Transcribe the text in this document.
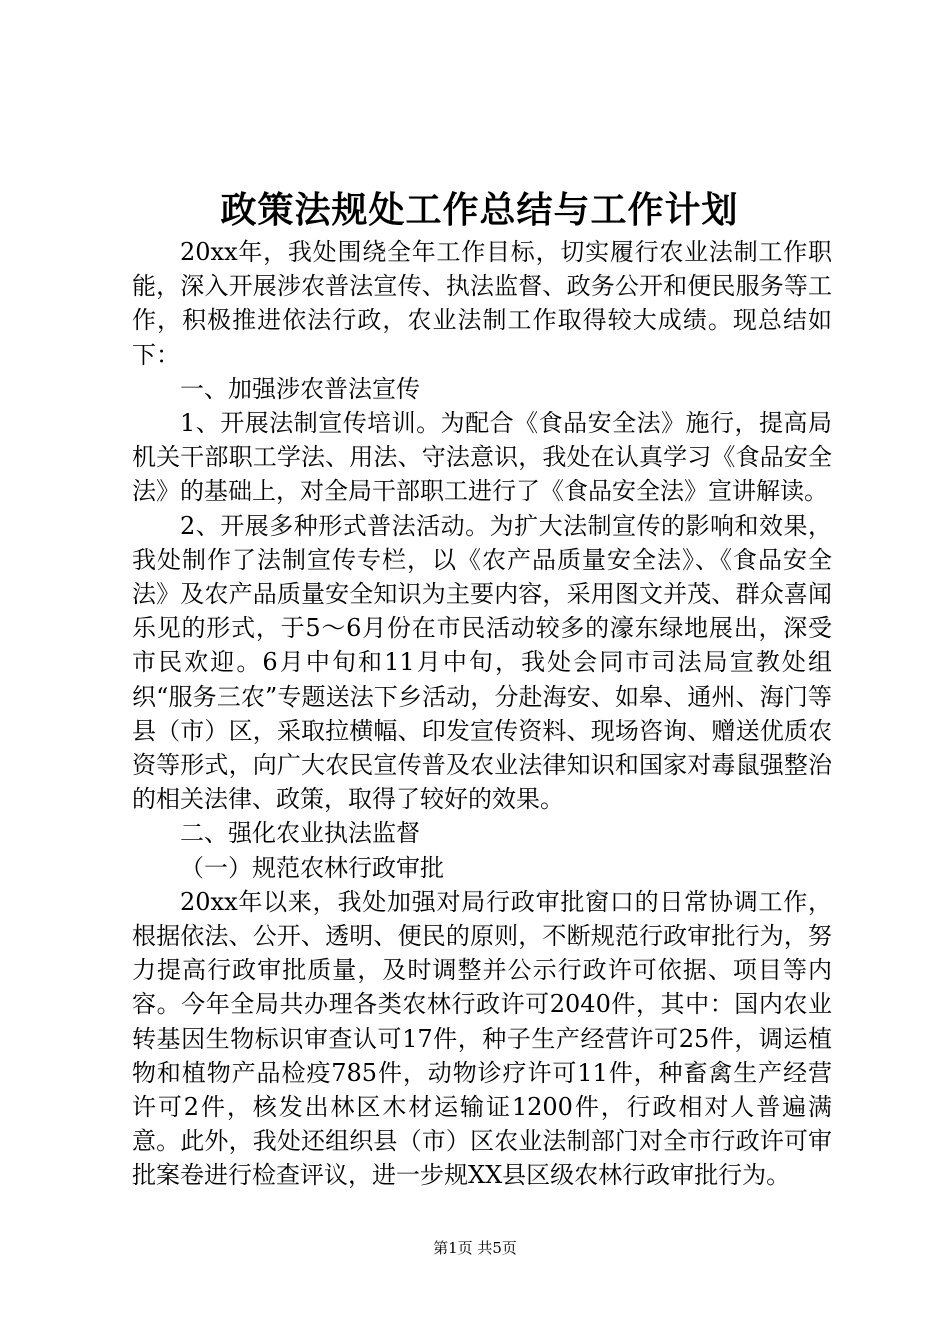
政策法规处工作总结与工作计划

20xx年，我处围绕全年工作目标，切实履行农业法制工作职能，深入开展涉农普法宣传、执法监督、政务公开和便民服务等工作，积极推进依法行政，农业法制工作取得较大成绩。现总结如下：

一、加强涉农普法宣传

1、开展法制宣传培训。为配合《食品安全法》施行，提高局机关干部职工学法、用法、守法意识，我处在认真学习《食品安全法》的基础上，对全局干部职工进行了《食品安全法》宣讲解读。

2、开展多种形式普法活动。为扩大法制宣传的影响和效果，我处制作了法制宣传专栏，以《农产品质量安全法》、《食品安全法》及农产品质量安全知识为主要内容，采用图文并茂、群众喜闻乐见的形式，于5～6月份在市民活动较多的濠东绿地展出，深受市民欢迎。6月中旬和11月中旬，我处会同市司法局宣教处组织“服务三农”专题送法下乡活动，分赴海安、如皋、通州、海门等县（市）区，采取拉横幅、印发宣传资料、现场咨询、赠送优质农资等形式，向广大农民宣传普及农业法律知识和国家对毒鼠强整治的相关法律、政策，取得了较好的效果。

二、强化农业执法监督

（一）规范农林行政审批

20xx年以来，我处加强对局行政审批窗口的日常协调工作，根据依法、公开、透明、便民的原则，不断规范行政审批行为，努力提高行政审批质量，及时调整并公示行政许可依据、项目等内容。今年全局共办理各类农林行政许可2040件，其中：国内农业转基因生物标识审查认可17件，种子生产经营许可25件，调运植物和植物产品检疫785件，动物诊疗许可11件，种畜禽生产经营许可2件，核发出林区木材运输证1200件，行政相对人普遍满意。此外，我处还组织县（市）区农业法制部门对全市行政许可审批案卷进行检查评议，进一步规XX县区级农林行政审批行为。

第1页 共5页
